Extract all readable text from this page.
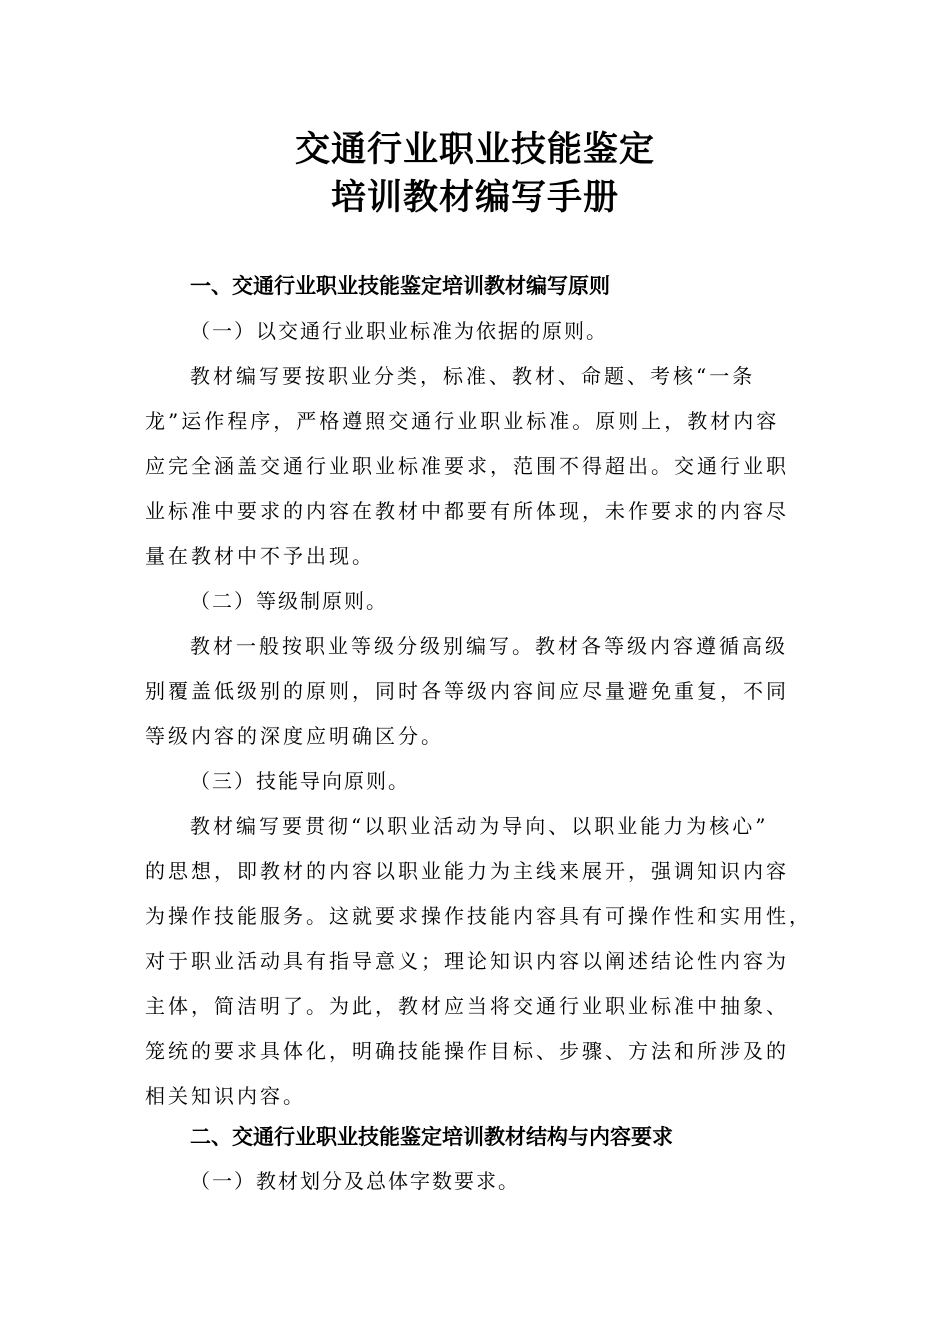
交通行业职业技能鉴定
培训教材编写手册
一、交通行业职业技能鉴定培训教材编写原则
（一）以交通行业职业标准为依据的原则。
教材编写要按职业分类，标准、教材、命题、考核“一条
龙”运作程序，严格遵照交通行业职业标准。原则上，教材内容
应完全涵盖交通行业职业标准要求，范围不得超出。交通行业职
业标准中要求的内容在教材中都要有所体现，未作要求的内容尽
量在教材中不予出现。
（二）等级制原则。
教材一般按职业等级分级别编写。教材各等级内容遵循高级
别覆盖低级别的原则，同时各等级内容间应尽量避免重复，不同
等级内容的深度应明确区分。
（三）技能导向原则。
教材编写要贯彻“以职业活动为导向、以职业能力为核心”
的思想，即教材的内容以职业能力为主线来展开，强调知识内容
为操作技能服务。这就要求操作技能内容具有可操作性和实用性，
对于职业活动具有指导意义；理论知识内容以阐述结论性内容为
主体，简洁明了。为此，教材应当将交通行业职业标准中抽象、
笼统的要求具体化，明确技能操作目标、步骤、方法和所涉及的
相关知识内容。
二、交通行业职业技能鉴定培训教材结构与内容要求
（一）教材划分及总体字数要求。
